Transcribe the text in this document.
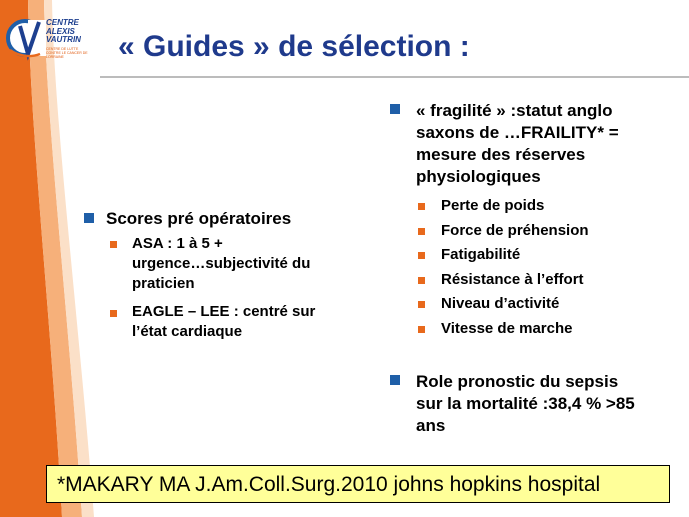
CENTRE
ALEXIS
VAUTRIN
CENTRE DE LUTTE CONTRE LE CANCER DE LORRAINE	« Guides » de sélection :
Scores pré opératoires
ASA : 1 à 5 +
urgence…subjectivité du
praticien
EAGLE – LEE : centré sur
l’état cardiaque
« fragilité » :statut anglo
saxons de …FRAILITY* =
mesure des réserves
physiologiques
Perte de poids
Force de préhension
Fatigabilité
Résistance à l’effort
Niveau d’activité
Vitesse de marche
Role pronostic du sepsis
sur la mortalité :38,4 % >85
ans
*MAKARY MA J.Am.Coll.Surg.2010 johns hopkins hospital
